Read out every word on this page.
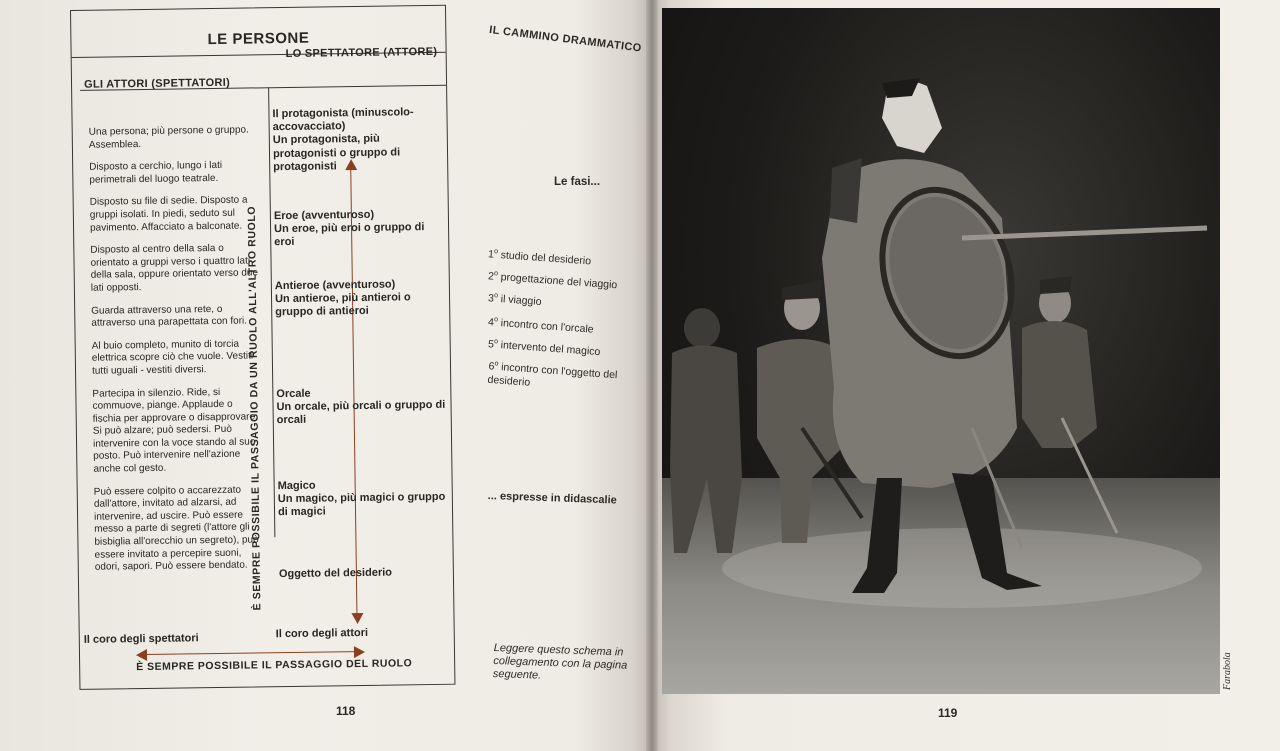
LE PERSONE
LO SPETTATORE (ATTORE)
GLI ATTORI (SPETTATORI)

Una persona; più persone o gruppo. Assemblea.

Disposto a cerchio, lungo i lati perimetrali del luogo teatrale.

Disposto su file di sedie. Disposto a gruppi isolati. In piedi, seduto sul pavimento. Affacciato a balconate.

Disposto al centro della sala o orientato a gruppi verso i quattro lati della sala, oppure orientato verso due lati opposti.

Guarda attraverso una rete, o attraverso una parapettata con fori.

Al buio completo, munito di torcia elettrica scopre ciò che vuole. Vestiti tutti uguali - vestiti diversi.

Partecipa in silenzio. Ride, si commuove, piange. Applaude o fischia per approvare o disapprovare. Si può alzare; può sedersi. Può intervenire con la voce stando al suo posto. Può intervenire nell'azione anche col gesto.

Può essere colpito o accarezzato dall'attore, invitato ad alzarsi, ad intervenire, ad uscire. Può essere messo a parte di segreti (l'attore gli bisbiglia all'orecchio un segreto), può essere invitato a percepire suoni, odori, sapori. Può essere bendato.

È SEMPRE POSSIBILE IL PASSAGGIO DA UN RUOLO ALL'ALTRO RUOLO
Il protagonista (minuscolo-accovacciato)
Un protagonista, più protagonisti o gruppo di protagonisti
Eroe (avventuroso)
Un eroe, più eroi o gruppo di eroi
Antieroe (avventuroso)
Un antieroe, più antieroi o gruppo di antieroi
Orcale
Un orcale, più orcali o gruppo di orcali
Magico
Un magico, più magici o gruppo di magici
Oggetto del desiderio
Il coro degli spettatori	Il coro degli attori
È SEMPRE POSSIBILE IL PASSAGGIO DEL RUOLO
118
IL CAMMINO DRAMMATICO
Le fasi...
1$^o$ studio del desiderio
2$^o$ progettazione del viaggio
3$^o$ il viaggio
4$^o$ incontro con l'orcale
5$^o$ intervento del magico
6$^o$ incontro con l'oggetto del desiderio
... espresse in didascalie
Leggere questo schema in collegamento con la pagina seguente.	Farabola
119
